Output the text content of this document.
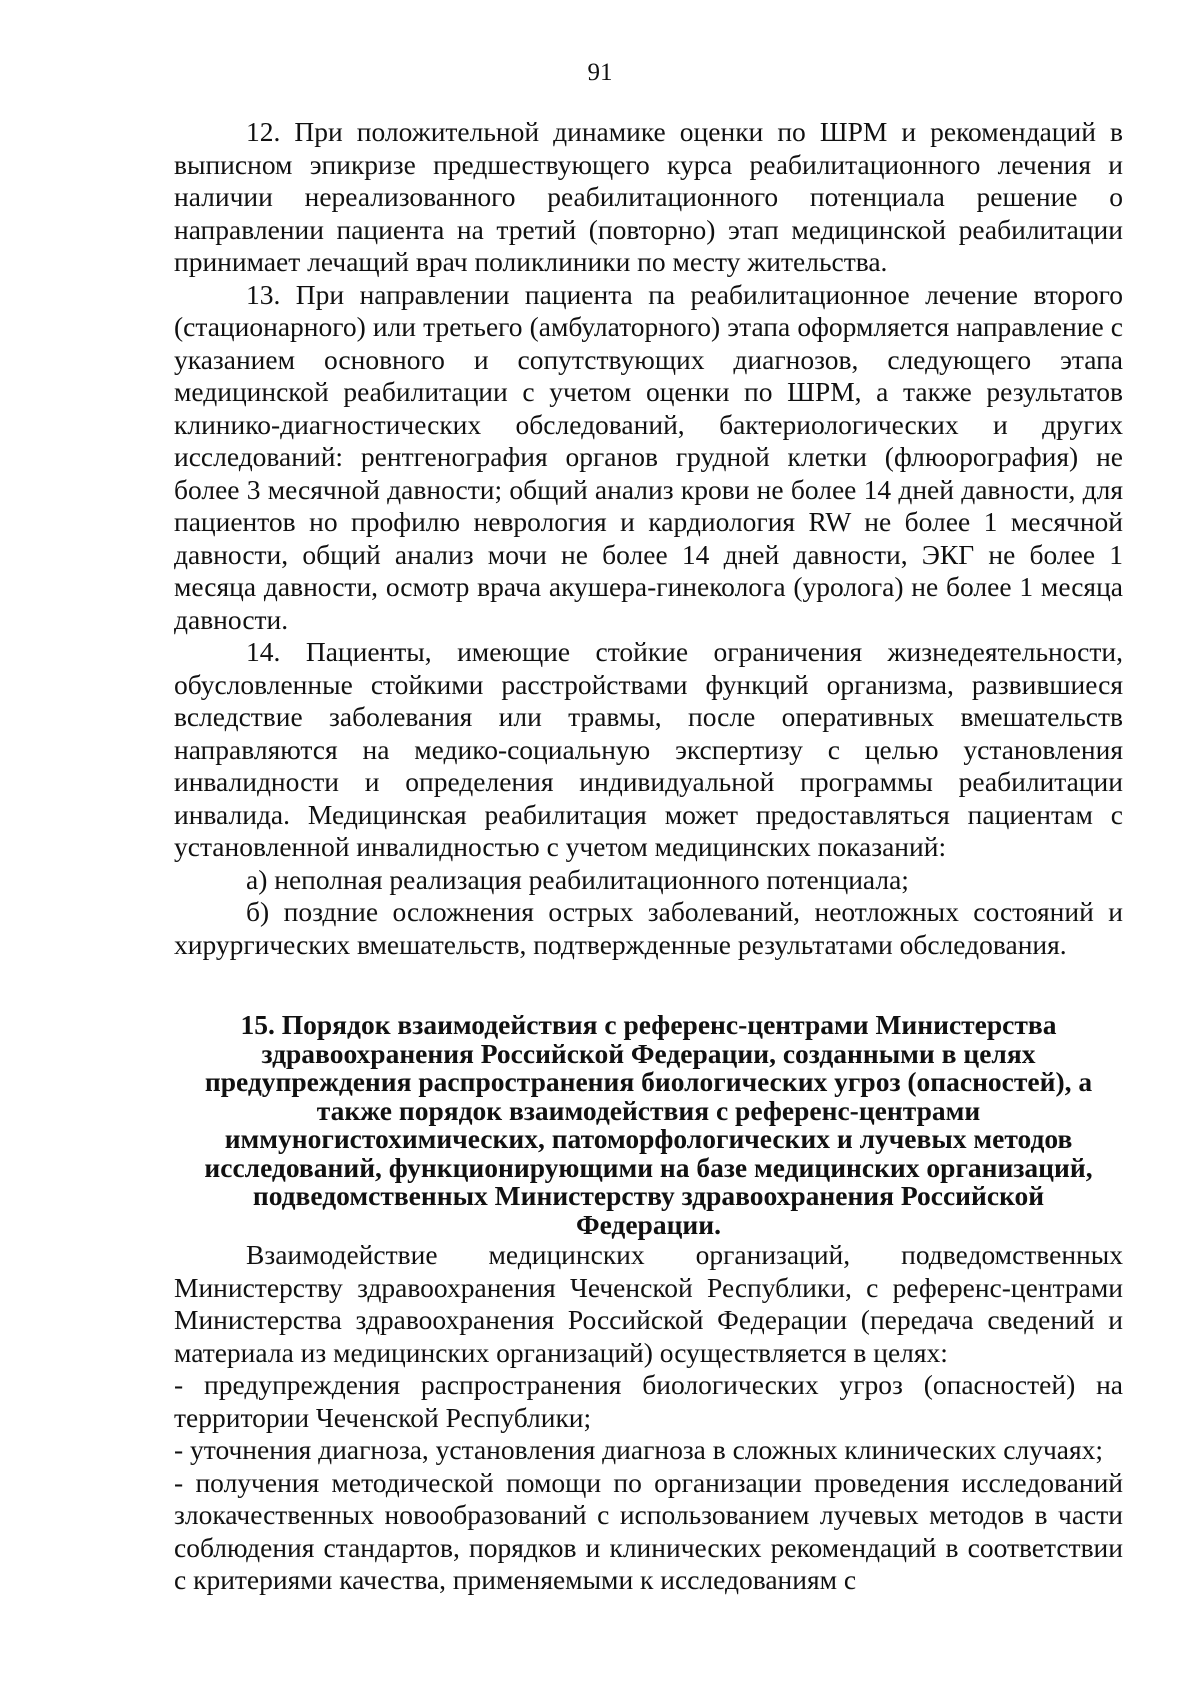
91

12. При положительной динамике оценки по ШРМ и рекомендаций в выписном эпикризе предшествующего курса реабилитационного лечения и наличии нереализованного реабилитационного потенциала решение о направлении пациента на третий (повторно) этап медицинской реабилитации принимает лечащий врач поликлиники по месту жительства.

13. При направлении пациента па реабилитационное лечение второго (стационарного) или третьего (амбулаторного) этапа оформляется направление с указанием основного и сопутствующих диагнозов, следующего этапа медицинской реабилитации с учетом оценки по ШРМ, а также результатов клинико-диагностических обследований, бактериологических и других исследований: рентгенография органов грудной клетки (флюорография) не более 3 месячной давности; общий анализ крови не более 14 дней давности, для пациентов но профилю неврология и кардиология RW не более 1 месячной давности, общий анализ мочи не более 14 дней давности, ЭКГ не более 1 месяца давности, осмотр врача акушера-гинеколога (уролога) не более 1 месяца давности.

14. Пациенты, имеющие стойкие ограничения жизнедеятельности, обусловленные стойкими расстройствами функций организма, развившиеся вследствие заболевания или травмы, после оперативных вмешательств направляются на медико-социальную экспертизу с целью установления инвалидности и определения индивидуальной программы реабилитации инвалида. Медицинская реабилитация может предоставляться пациентам с установленной инвалидностью с учетом медицинских показаний:

а) неполная реализация реабилитационного потенциала;

б) поздние осложнения острых заболеваний, неотложных состояний и хирургических вмешательств, подтвержденные результатами обследования.

15. Порядок взаимодействия с референс-центрами Министерства здравоохранения Российской Федерации, созданными в целях предупреждения распространения биологических угроз (опасностей), а также порядок взаимодействия с референс-центрами иммуногистохимических, патоморфологических и лучевых методов исследований, функционирующими на базе медицинских организаций, подведомственных Министерству здравоохранения Российской Федерации.

Взаимодействие медицинских организаций, подведомственных Министерству здравоохранения Чеченской Республики, с референс-центрами Министерства здравоохранения Российской Федерации (передача сведений и материала из медицинских организаций) осуществляется в целях:

- предупреждения распространения биологических угроз (опасностей) на территории Чеченской Республики;

- уточнения диагноза, установления диагноза в сложных клинических случаях;

- получения методической помощи по организации проведения исследований злокачественных новообразований с использованием лучевых методов в части соблюдения стандартов, порядков и клинических рекомендаций в соответствии с критериями качества, применяемыми к исследованиям с
